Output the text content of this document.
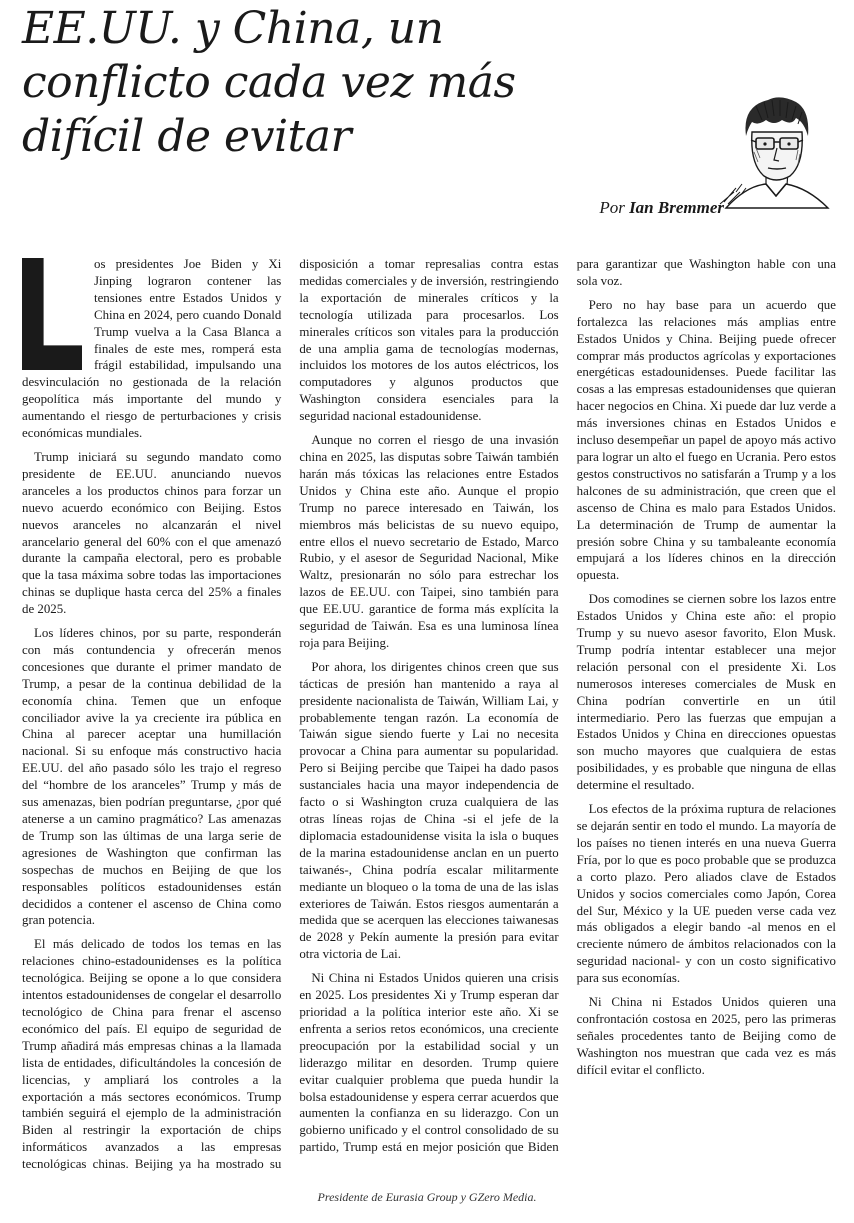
EE.UU. y China, un conflicto cada vez más difícil de evitar
Por Ian Bremmer

os presidentes Joe Biden y Xi Jinping lograron contener las tensiones entre Estados Unidos y China en 2024, pero cuando Donald Trump vuelva a la Casa Blanca a finales de este mes, romperá esta frágil estabilidad, impulsando una desvinculación no gestionada de la relación geopolítica más importante del mundo y aumentando el riesgo de perturbaciones y crisis económicas mundiales.

Trump iniciará su segundo mandato como presidente de EE.UU. anunciando nuevos aranceles a los productos chinos para forzar un nuevo acuerdo económico con Beijing. Estos nuevos aranceles no alcanzarán el nivel arancelario general del 60% con el que amenazó durante la campaña electoral, pero es probable que la tasa máxima sobre todas las importaciones chinas se duplique hasta cerca del 25% a finales de 2025.

Los líderes chinos, por su parte, responderán con más contundencia y ofrecerán menos concesiones que durante el primer mandato de Trump, a pesar de la continua debilidad de la economía china. Temen que un enfoque conciliador avive la ya creciente ira pública en China al parecer aceptar una humillación nacional. Si su enfoque más constructivo hacia EE.UU. del año pasado sólo les trajo el regreso del “hombre de los aranceles” Trump y más de sus amenazas, bien podrían preguntarse, ¿por qué atenerse a un camino pragmático? Las amenazas de Trump son las últimas de una larga serie de agresiones de Washington que confirman las sospechas de muchos en Beijing de que los responsables políticos estadounidenses están decididos a contener el ascenso de China como gran potencia.

El más delicado de todos los temas en las relaciones chino-estadounidenses es la política tecnológica. Beijing se opone a lo que considera intentos estadounidenses de congelar el desarrollo tecnológico de China para frenar el ascenso económico del país. El equipo de seguridad de Trump añadirá más empresas chinas a la llamada lista de entidades, dificultándoles la concesión de licencias, y ampliará los controles a la exportación a más sectores económicos. Trump también seguirá el ejemplo de la administración Biden al restringir la exportación de chips informáticos avanzados a las empresas tecnológicas chinas. Beijing ya ha mostrado su disposición a tomar represalias contra estas medidas comerciales y de inversión, restringiendo la exportación de minerales críticos y la tecnología utilizada para procesarlos. Los minerales críticos son vitales para la producción de una amplia gama de tecnologías modernas, incluidos los motores de los autos eléctricos, los computadores y algunos productos que Washington considera esenciales para la seguridad nacional estadounidense.

Aunque no corren el riesgo de una invasión china en 2025, las disputas sobre Taiwán también harán más tóxicas las relaciones entre Estados Unidos y China este año. Aunque el propio Trump no parece interesado en Taiwán, los miembros más belicistas de su nuevo equipo, entre ellos el nuevo secretario de Estado, Marco Rubio, y el asesor de Seguridad Nacional, Mike Waltz, presionarán no sólo para estrechar los lazos de EE.UU. con Taipei, sino también para que EE.UU. garantice de forma más explícita la seguridad de Taiwán. Esa es una luminosa línea roja para Beijing.

Por ahora, los dirigentes chinos creen que sus tácticas de presión han mantenido a raya al presidente nacionalista de Taiwán, William Lai, y probablemente tengan razón. La economía de Taiwán sigue siendo fuerte y Lai no necesita provocar a China para aumentar su popularidad. Pero si Beijing percibe que Taipei ha dado pasos sustanciales hacia una mayor independencia de facto o si Washington cruza cualquiera de las otras líneas rojas de China -si el jefe de la diplomacia estadounidense visita la isla o buques de la marina estadounidense anclan en un puerto taiwanés-, China podría escalar militarmente mediante un bloqueo o la toma de una de las islas exteriores de Taiwán. Estos riesgos aumentarán a medida que se acerquen las elecciones taiwanesas de 2028 y Pekín aumente la presión para evitar otra victoria de Lai.

Ni China ni Estados Unidos quieren una crisis en 2025. Los presidentes Xi y Trump esperan dar prioridad a la política interior este año. Xi se enfrenta a serios retos económicos, una creciente preocupación por la estabilidad social y un liderazgo militar en desorden. Trump quiere evitar cualquier problema que pueda hundir la bolsa estadounidense y espera cerrar acuerdos que aumenten la confianza en su liderazgo. Con un gobierno unificado y el control consolidado de su partido, Trump está en mejor posición que Biden para garantizar que Washington hable con una sola voz.

Pero no hay base para un acuerdo que fortalezca las relaciones más amplias entre Estados Unidos y China. Beijing puede ofrecer comprar más productos agrícolas y exportaciones energéticas estadounidenses. Puede facilitar las cosas a las empresas estadounidenses que quieran hacer negocios en China. Xi puede dar luz verde a más inversiones chinas en Estados Unidos e incluso desempeñar un papel de apoyo más activo para lograr un alto el fuego en Ucrania. Pero estos gestos constructivos no satisfarán a Trump y a los halcones de su administración, que creen que el ascenso de China es malo para Estados Unidos. La determinación de Trump de aumentar la presión sobre China y su tambaleante economía empujará a los líderes chinos en la dirección opuesta.

Dos comodines se ciernen sobre los lazos entre Estados Unidos y China este año: el propio Trump y su nuevo asesor favorito, Elon Musk. Trump podría intentar establecer una mejor relación personal con el presidente Xi. Los numerosos intereses comerciales de Musk en China podrían convertirle en un útil intermediario. Pero las fuerzas que empujan a Estados Unidos y China en direcciones opuestas son mucho mayores que cualquiera de estas posibilidades, y es probable que ninguna de ellas determine el resultado.

Los efectos de la próxima ruptura de relaciones se dejarán sentir en todo el mundo. La mayoría de los países no tienen interés en una nueva Guerra Fría, por lo que es poco probable que se produzca a corto plazo. Pero aliados clave de Estados Unidos y socios comerciales como Japón, Corea del Sur, México y la UE pueden verse cada vez más obligados a elegir bando -al menos en el creciente número de ámbitos relacionados con la seguridad nacional- y con un costo significativo para sus economías.

Ni China ni Estados Unidos quieren una confrontación costosa en 2025, pero las primeras señales procedentes tanto de Beijing como de Washington nos muestran que cada vez es más difícil evitar el conflicto.

Presidente de Eurasia Group y GZero Media.
